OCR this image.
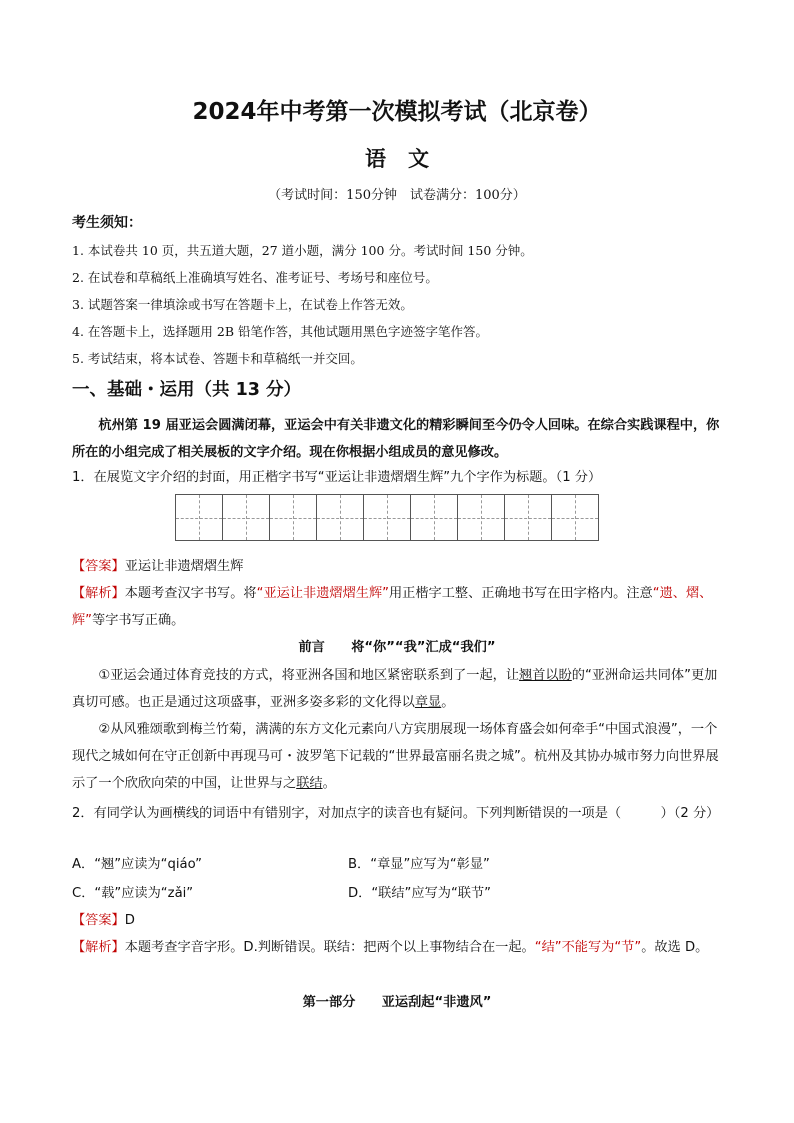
2024年中考第一次模拟考试（北京卷）
语文
（考试时间：150分钟　试卷满分：100分）
考生须知：
1. 本试卷共 10 页，共五道大题，27 道小题，满分 100 分。考试时间 150 分钟。
2. 在试卷和草稿纸上准确填写姓名、准考证号、考场号和座位号。
3. 试题答案一律填涂或书写在答题卡上，在试卷上作答无效。
4. 在答题卡上，选择题用 2B 铅笔作答，其他试题用黑色字迹签字笔作答。
5. 考试结束，将本试卷、答题卡和草稿纸一并交回。
一、基础・运用（共 13 分）

杭州第 19 届亚运会圆满闭幕，亚运会中有关非遗文化的精彩瞬间至今仍令人回味。在综合实践课程中，你所在的小组完成了相关展板的文字介绍。现在你根据小组成员的意见修改。

1．在展览文字介绍的封面，用正楷字书写“亚运让非遗熠熠生辉”九个字作为标题。（1 分）

【答案】亚运让非遗熠熠生辉

【解析】本题考查汉字书写。将“亚运让非遗熠熠生辉”用正楷字工整、正确地书写在田字格内。注意“遗、熠、辉”等字书写正确。

前言　　将“你”“我”汇成“我们”

①亚运会通过体育竞技的方式，将亚洲各国和地区紧密联系到了一起，让翘首以盼的“亚洲命运共同体”更加真切可感。也正是通过这项盛事，亚洲多姿多彩的文化得以章显。

②从风雅颂歌到梅兰竹菊，满满的东方文化元素向八方宾朋展现一场体育盛会如何牵手“中国式浪漫”，一个现代之城如何在守正创新中再现马可・波罗笔下记载的“世界最富丽名贵之城”。杭州及其协办城市努力向世界展示了一个欣欣向荣的中国，让世界与之联结。

2．有同学认为画横线的词语中有错别字，对加点字的读音也有疑问。下列判断错误的一项是（　　　）（2 分）

A．“翘”应读为“qiáo”	B．“章显”应写为“彰显”
C．“载”应读为“zǎi”	D．“联结”应写为“联节”

【答案】D

【解析】本题考查字音字形。D.判断错误。联结：把两个以上事物结合在一起。“结”不能写为“节”。故选 D。

第一部分　　亚运刮起“非遗风”
